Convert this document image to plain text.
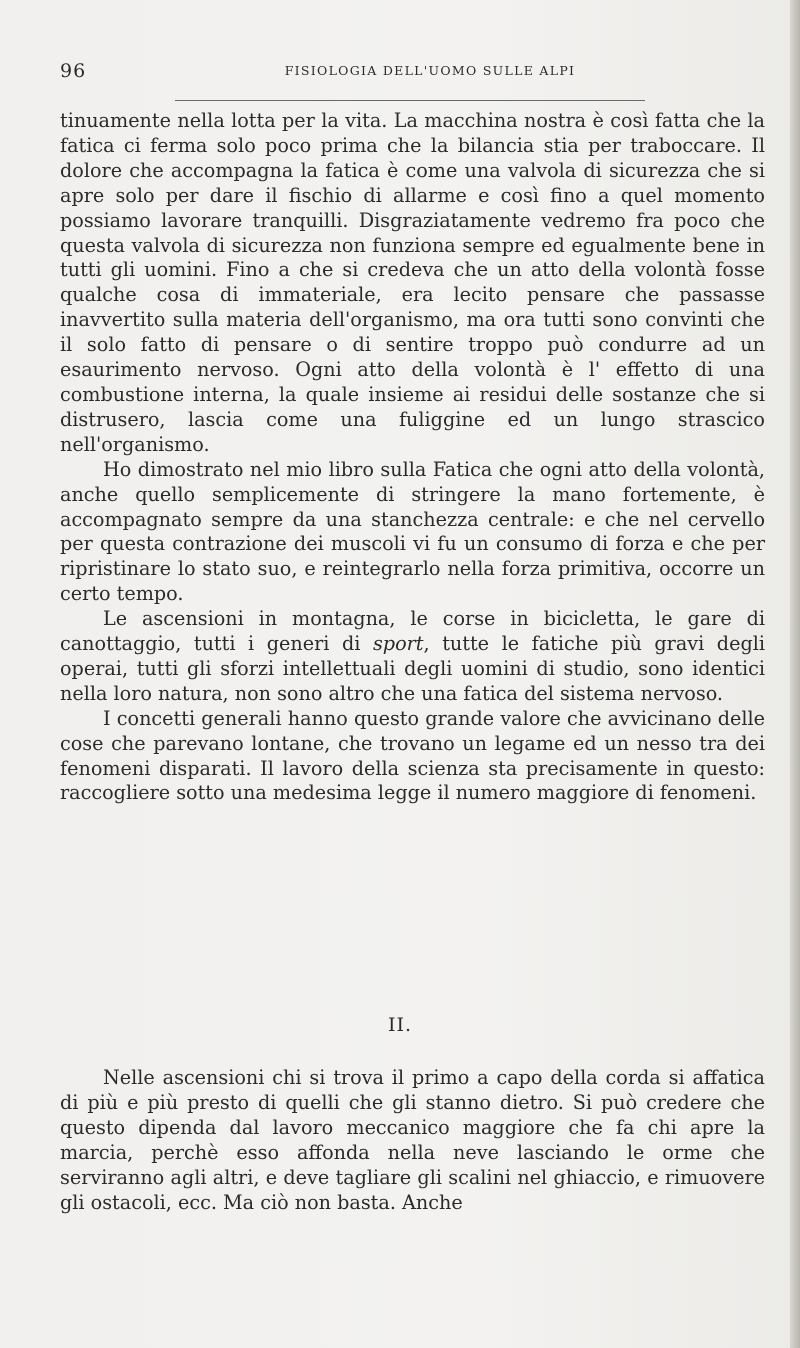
96	FISIOLOGIA DELL'UOMO SULLE ALPI

tinuamente nella lotta per la vita. La macchina nostra è così fatta che la fatica ci ferma solo poco prima che la bilancia stia per traboccare. Il dolore che accompagna la fatica è come una valvola di sicurezza che si apre solo per dare il fischio di allarme e così fino a quel momento possiamo lavorare tranquilli. Disgraziatamente vedremo fra poco che questa valvola di sicurezza non funziona sempre ed egualmente bene in tutti gli uomini. Fino a che si credeva che un atto della volontà fosse qualche cosa di immateriale, era lecito pensare che passasse inavvertito sulla materia dell'organismo, ma ora tutti sono convinti che il solo fatto di pensare o di sentire troppo può condurre ad un esaurimento nervoso. Ogni atto della volontà è l' effetto di una combustione interna, la quale insieme ai residui delle sostanze che si distrusero, lascia come una fuliggine ed un lungo strascico nell'organismo.

Ho dimostrato nel mio libro sulla Fatica che ogni atto della volontà, anche quello semplicemente di stringere la mano fortemente, è accompagnato sempre da una stanchezza centrale: e che nel cervello per questa contrazione dei muscoli vi fu un consumo di forza e che per ripristinare lo stato suo, e reintegrarlo nella forza primitiva, occorre un certo tempo.

Le ascensioni in montagna, le corse in bicicletta, le gare di canottaggio, tutti i generi di sport, tutte le fatiche più gravi degli operai, tutti gli sforzi intellettuali degli uomini di studio, sono identici nella loro natura, non sono altro che una fatica del sistema nervoso.

I concetti generali hanno questo grande valore che avvicinano delle cose che parevano lontane, che trovano un legame ed un nesso tra dei fenomeni disparati. Il lavoro della scienza sta precisamente in questo: raccogliere sotto una medesima legge il numero maggiore di fenomeni.

II.

Nelle ascensioni chi si trova il primo a capo della corda si affatica di più e più presto di quelli che gli stanno dietro. Si può credere che questo dipenda dal lavoro meccanico maggiore che fa chi apre la marcia, perchè esso affonda nella neve lasciando le orme che serviranno agli altri, e deve tagliare gli scalini nel ghiaccio, e rimuovere gli ostacoli, ecc. Ma ciò non basta. Anche
